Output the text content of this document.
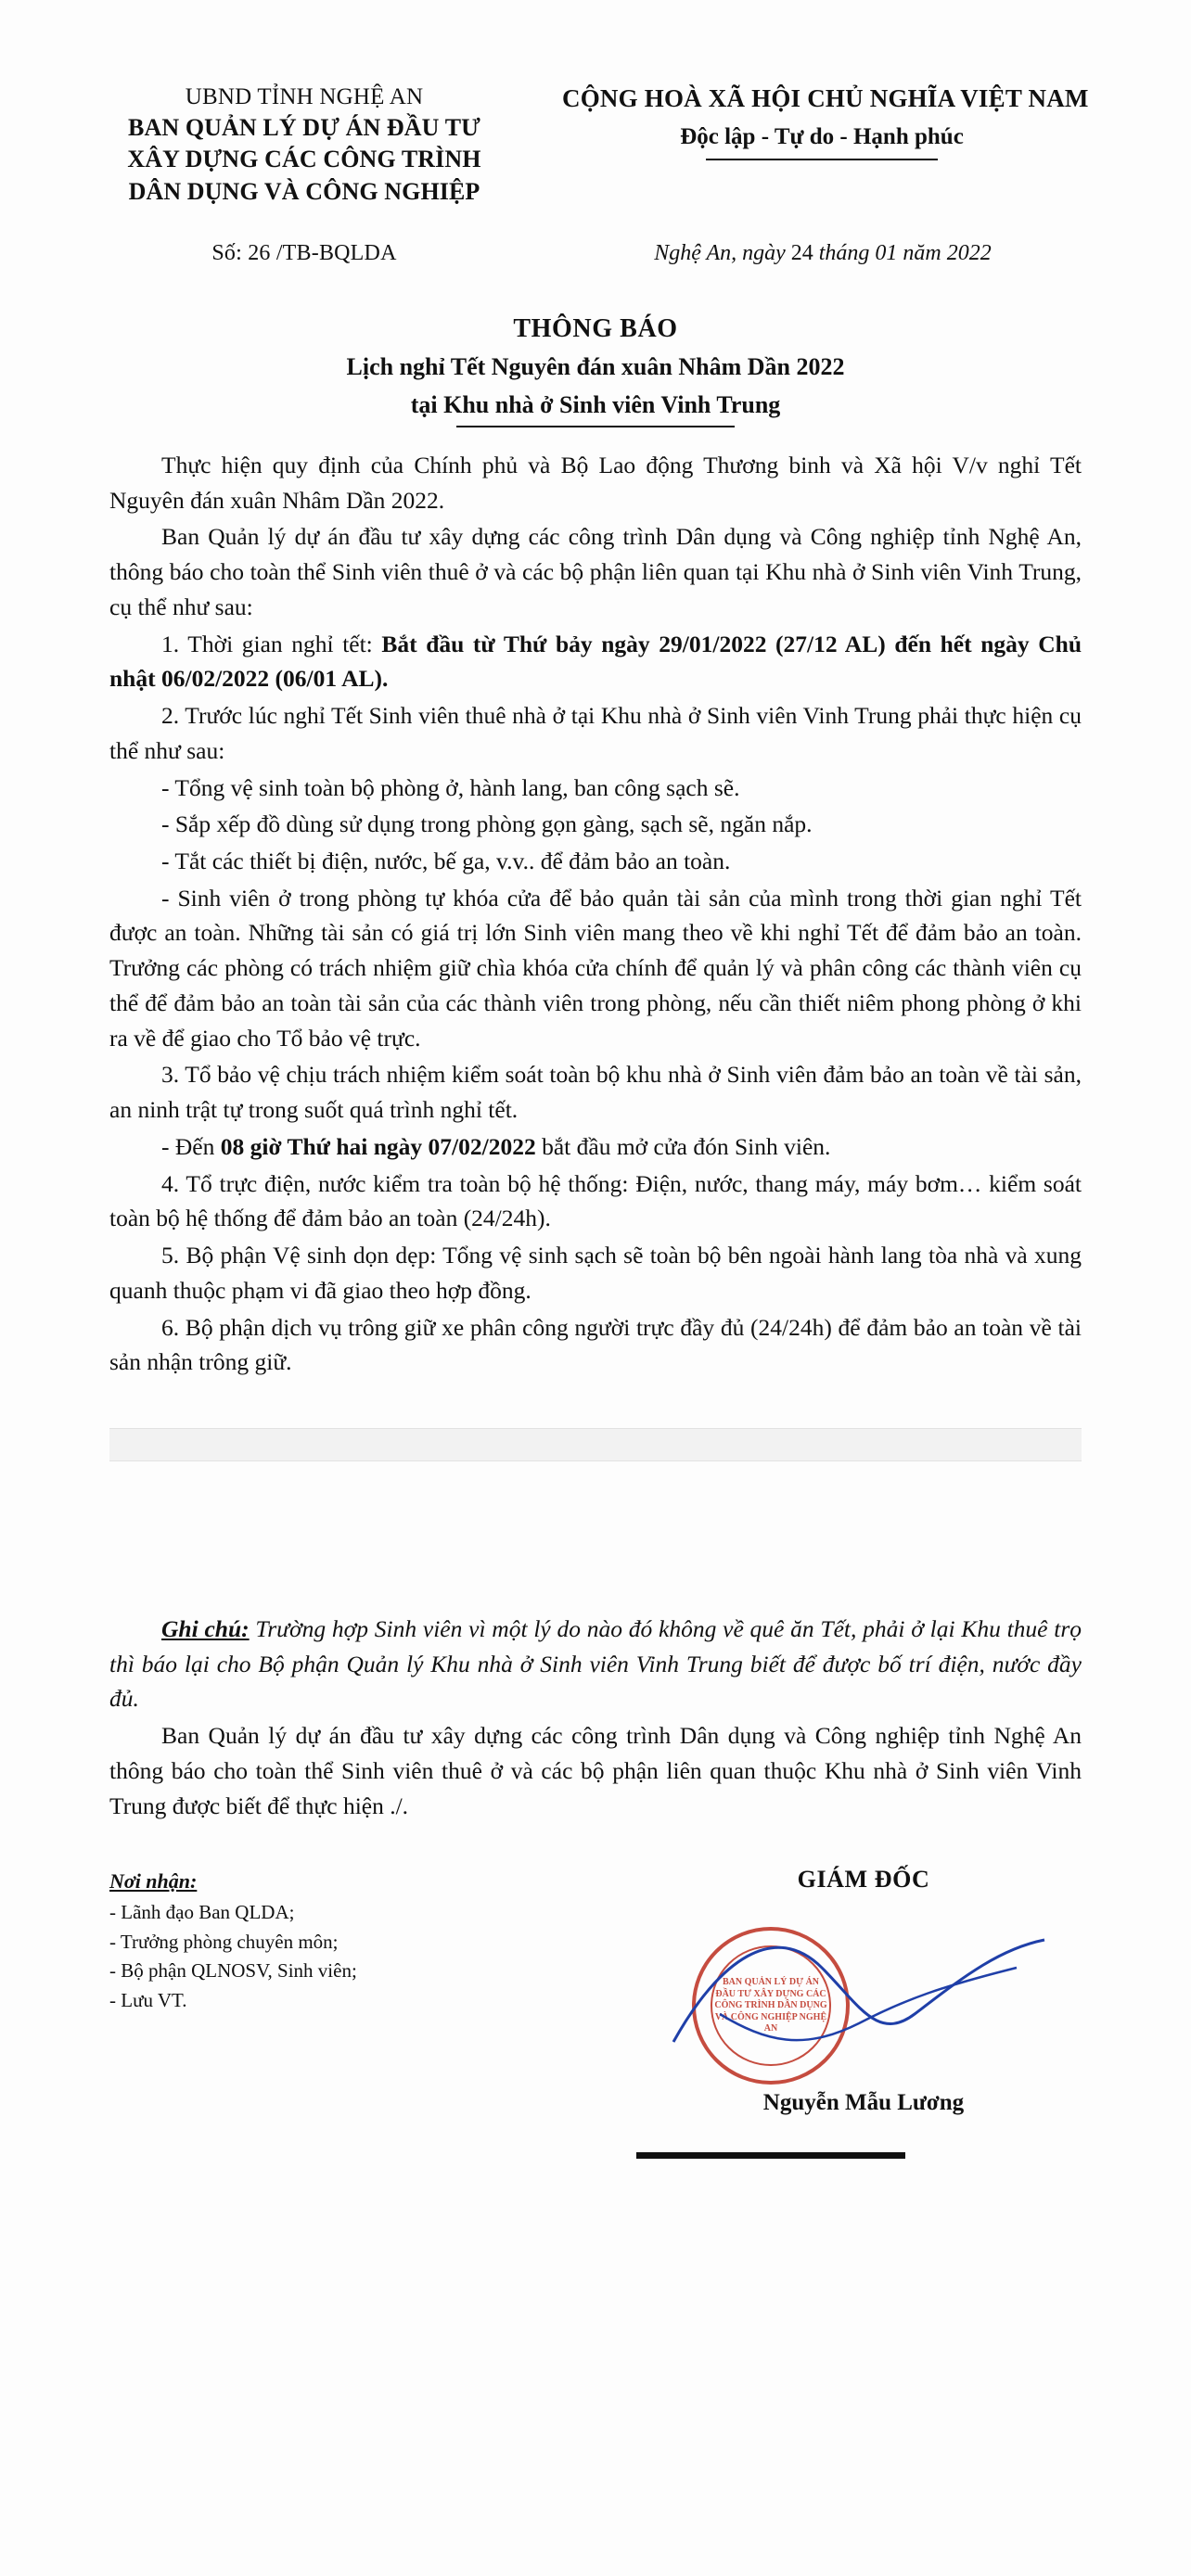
UBND TỈNH NGHỆ AN
BAN QUẢN LÝ DỰ ÁN ĐẦU TƯ
XÂY DỰNG CÁC CÔNG TRÌNH
DÂN DỤNG VÀ CÔNG NGHIỆP
CỘNG HOÀ XÃ HỘI CHỦ NGHĨA VIỆT NAM
Độc lập - Tự do - Hạnh phúc
Số: 26 /TB-BQLDA	Nghệ An, ngày 24 tháng 01 năm 2022
THÔNG BÁO
Lịch nghỉ Tết Nguyên đán xuân Nhâm Dần 2022
tại Khu nhà ở Sinh viên Vinh Trung

Thực hiện quy định của Chính phủ và Bộ Lao động Thương binh và Xã hội V/v nghỉ Tết Nguyên đán xuân Nhâm Dần 2022.

Ban Quản lý dự án đầu tư xây dựng các công trình Dân dụng và Công nghiệp tỉnh Nghệ An, thông báo cho toàn thể Sinh viên thuê ở và các bộ phận liên quan tại Khu nhà ở Sinh viên Vinh Trung, cụ thể như sau:

1. Thời gian nghỉ tết: Bắt đầu từ Thứ bảy ngày 29/01/2022 (27/12 AL) đến hết ngày Chủ nhật 06/02/2022 (06/01 AL).

2. Trước lúc nghỉ Tết Sinh viên thuê nhà ở tại Khu nhà ở Sinh viên Vinh Trung phải thực hiện cụ thể như sau:

- Tổng vệ sinh toàn bộ phòng ở, hành lang, ban công sạch sẽ.

- Sắp xếp đồ dùng sử dụng trong phòng gọn gàng, sạch sẽ, ngăn nắp.

- Tắt các thiết bị điện, nước, bế ga, v.v.. để đảm bảo an toàn.

- Sinh viên ở trong phòng tự khóa cửa để bảo quản tài sản của mình trong thời gian nghỉ Tết được an toàn. Những tài sản có giá trị lớn Sinh viên mang theo về khi nghỉ Tết để đảm bảo an toàn. Trưởng các phòng có trách nhiệm giữ chìa khóa cửa chính để quản lý và phân công các thành viên cụ thể để đảm bảo an toàn tài sản của các thành viên trong phòng, nếu cần thiết niêm phong phòng ở khi ra về để giao cho Tổ bảo vệ trực.

3. Tổ bảo vệ chịu trách nhiệm kiểm soát toàn bộ khu nhà ở Sinh viên đảm bảo an toàn về tài sản, an ninh trật tự trong suốt quá trình nghỉ tết.

- Đến 08 giờ Thứ hai ngày 07/02/2022 bắt đầu mở cửa đón Sinh viên.

4. Tổ trực điện, nước kiểm tra toàn bộ hệ thống: Điện, nước, thang máy, máy bơm… kiểm soát toàn bộ hệ thống để đảm bảo an toàn (24/24h).

5. Bộ phận Vệ sinh dọn dẹp: Tổng vệ sinh sạch sẽ toàn bộ bên ngoài hành lang tòa nhà và xung quanh thuộc phạm vi đã giao theo hợp đồng.

6. Bộ phận dịch vụ trông giữ xe phân công người trực đầy đủ (24/24h) để đảm bảo an toàn về tài sản nhận trông giữ.

Ghi chú: Trường hợp Sinh viên vì một lý do nào đó không về quê ăn Tết, phải ở lại Khu thuê trọ thì báo lại cho Bộ phận Quản lý Khu nhà ở Sinh viên Vinh Trung biết để được bố trí điện, nước đầy đủ.

Ban Quản lý dự án đầu tư xây dựng các công trình Dân dụng và Công nghiệp tỉnh Nghệ An thông báo cho toàn thể Sinh viên thuê ở và các bộ phận liên quan thuộc Khu nhà ở Sinh viên Vinh Trung được biết để thực hiện ./.

Nơi nhận:
- Lãnh đạo Ban QLDA;
- Trưởng phòng chuyên môn;
- Bộ phận QLNOSV, Sinh viên;
- Lưu VT.
GIÁM ĐỐC
BAN QUẢN LÝ DỰ ÁN ĐẦU TƯ XÂY DỰNG CÁC CÔNG TRÌNH DÂN DỤNG VÀ CÔNG NGHIỆP NGHỆ AN
Nguyễn Mẫu Lương
